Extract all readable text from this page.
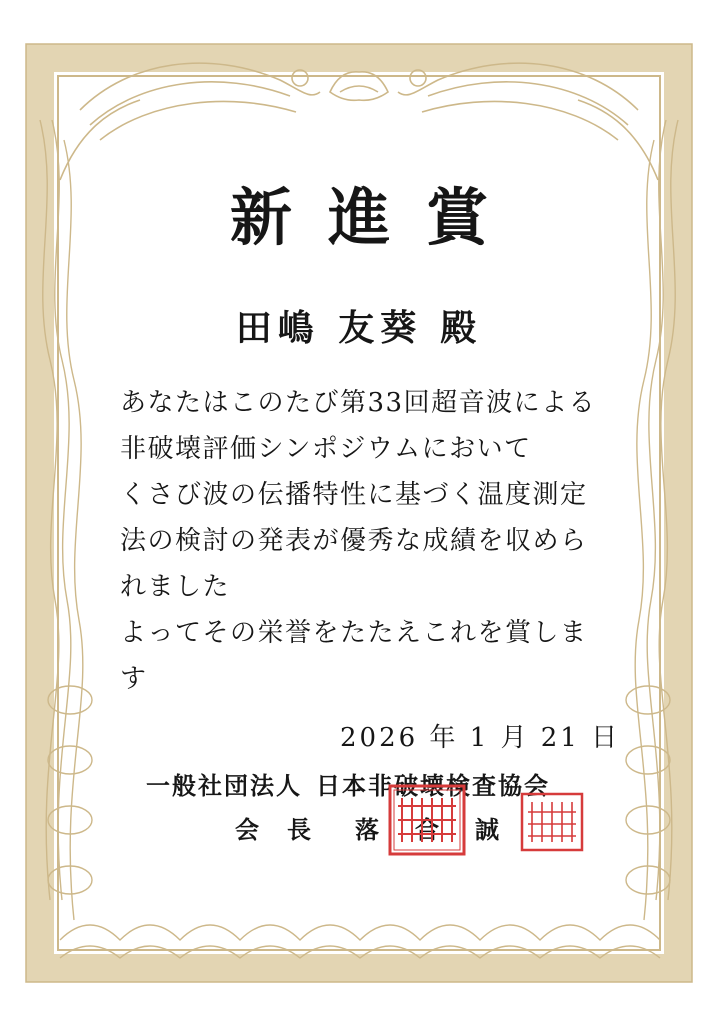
新進賞
田嶋 友葵 殿
あなたはこのたび第33回超音波による
非破壊評価シンポジウムにおいて
くさび波の伝播特性に基づく温度測定
法の検討の発表が優秀な成績を収めら
れました
よってその栄誉をたたえこれを賞しま
す
2026 年 1 月 21 日
一般社団法人 日本非破壊検査協会
会長 落合誠
